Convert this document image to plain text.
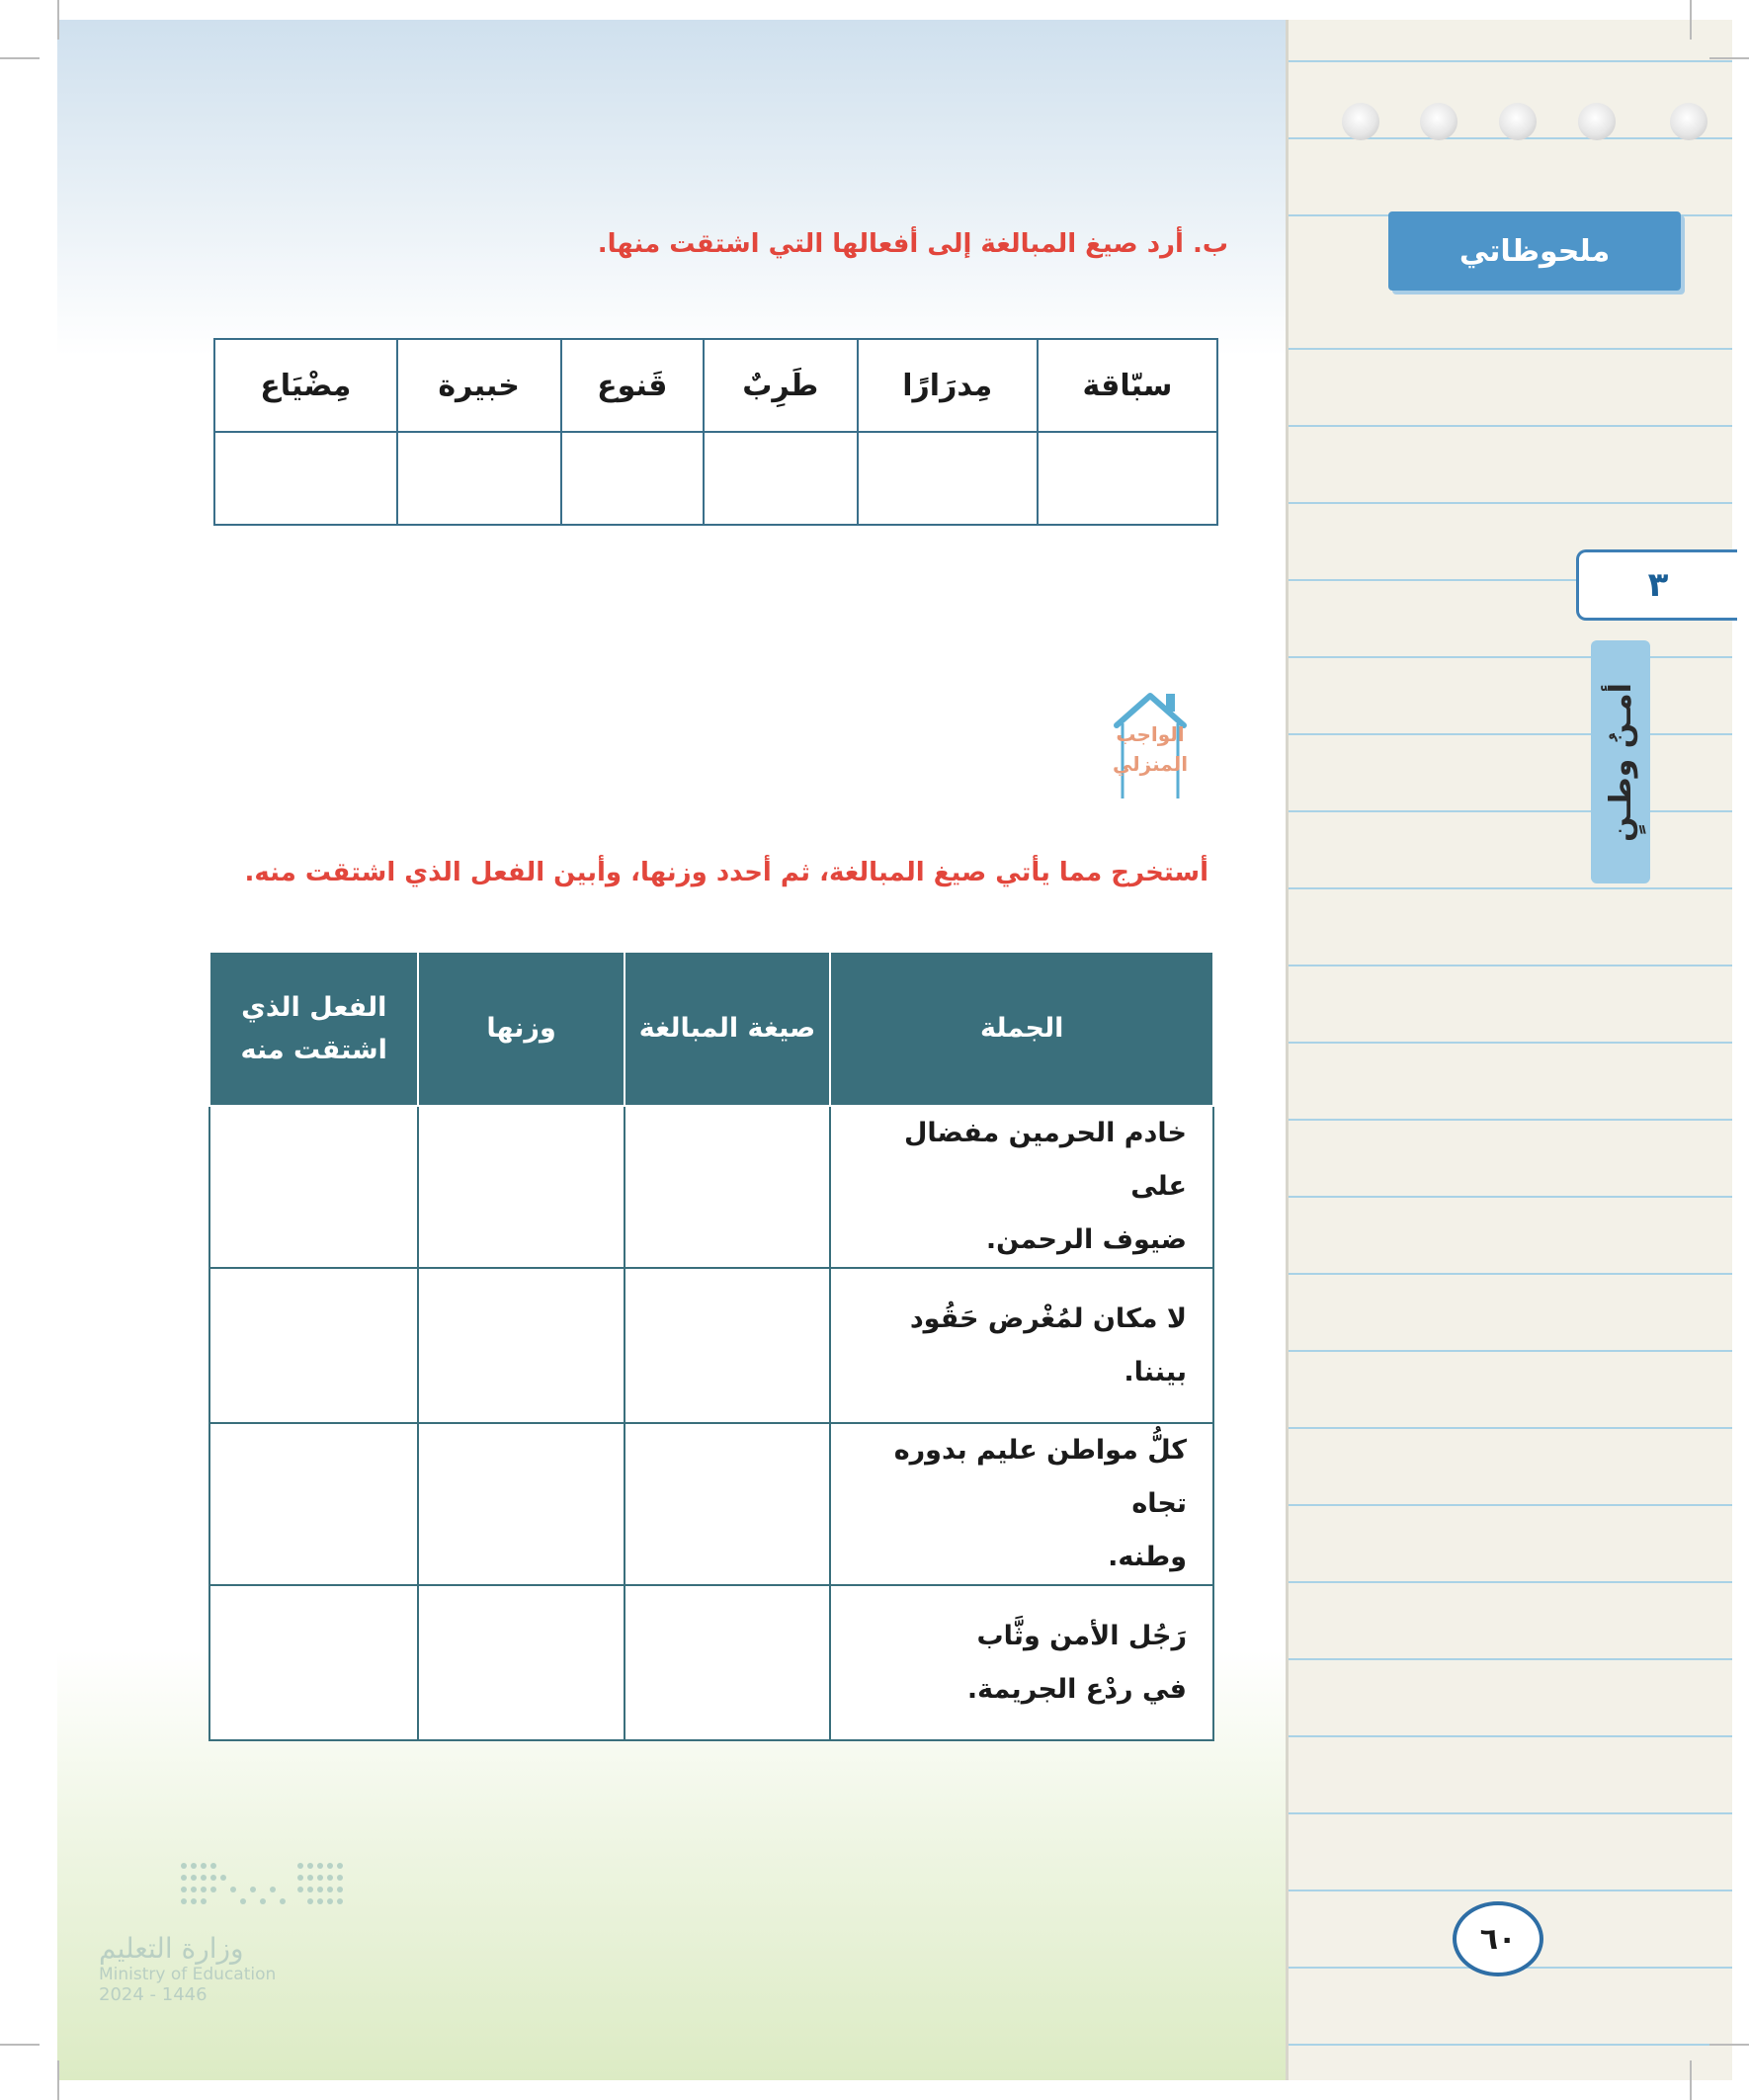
ملحوظاتي
٣
أمـنُ وطـنٍ
ب. أرد صيغ المبالغة إلى أفعالها التي اشتقت منها.
سبّاقة	مِدرَارًا	طَرِبٌ	قَنوع	خبيرة	مِضْيَاع

الواجب
المنزلي
أستخرج مما يأتي صيغ المبالغة، ثم أحدد وزنها، وأبين الفعل الذي اشتقت منه.
الجملة	صيغة المبالغة	وزنها	الفعل الذي اشتقت منه

خادم الحرمين مفضال على
ضيوف الرحمن.			

لا مكان لمُغْرض حَقُود بيننا.			

كلُّ مواطن عليم بدوره تجاه
وطنه.			

رَجُل الأمن وثَّاب
في ردْع الجريمة.			

٦٠
وزارة التعليم
Ministry of Education
2024 - 1446
